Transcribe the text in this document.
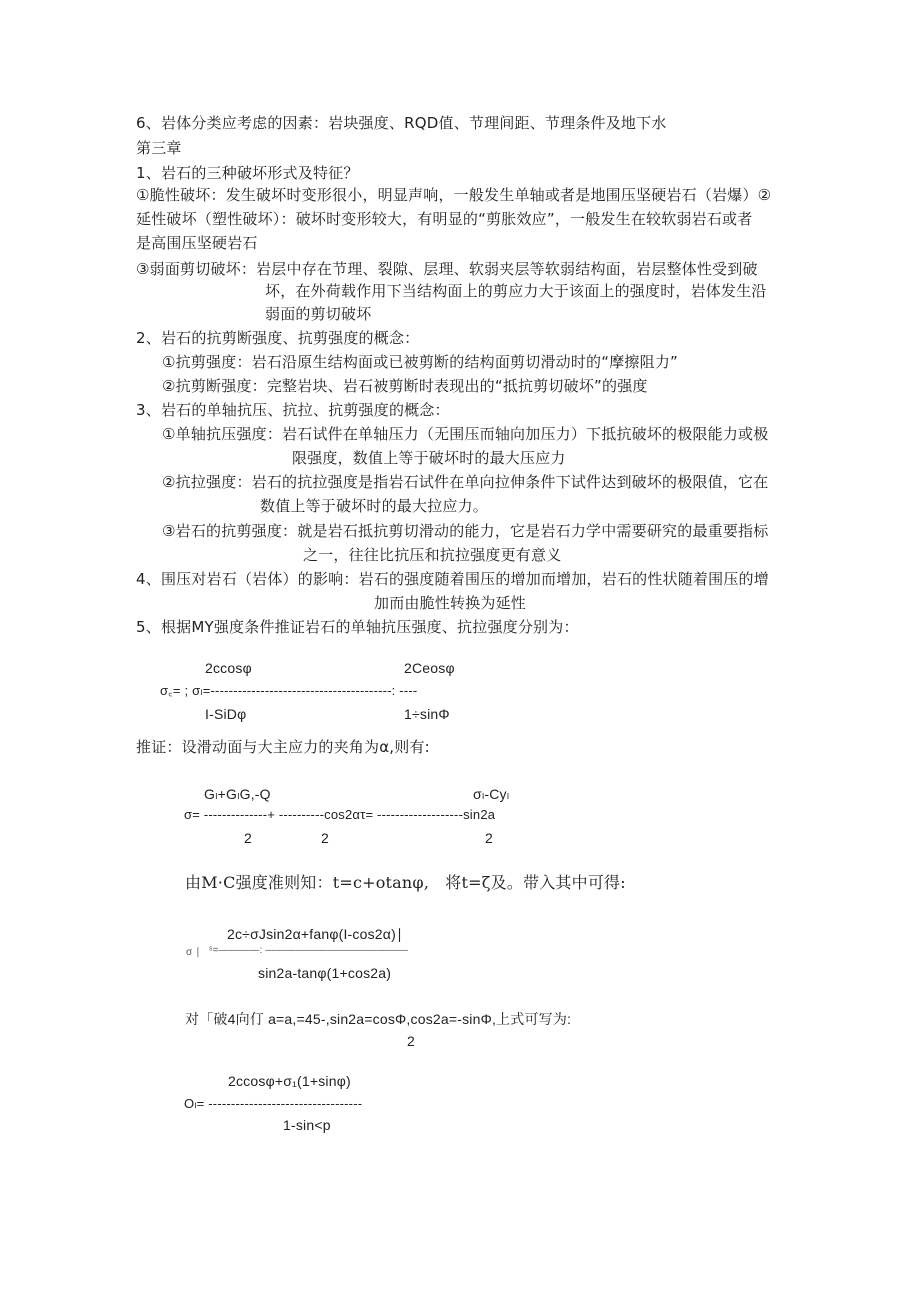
6、岩体分类应考虑的因素：岩块强度、RQD值、节理间距、节理条件及地下水
第三章
1、岩石的三种破坏形式及特征？
①脆性破坏：发生破坏时变形很小，明显声响，一般发生单轴或者是地围压坚硬岩石（岩爆）②
延性破坏（塑性破坏）：破坏时变形较大，有明显的“剪胀效应”，一般发生在较软弱岩石或者
是高围压坚硬岩石
③弱面剪切破坏：岩层中存在节理、裂隙、层理、软弱夹层等软弱结构面，岩层整体性受到破
坏，在外荷载作用下当结构面上的剪应力大于该面上的强度时，岩体发生沿
弱面的剪切破坏
2、岩石的抗剪断强度、抗剪强度的概念：
①抗剪强度：岩石沿原生结构面或已被剪断的结构面剪切滑动时的“摩擦阻力”
②抗剪断强度：完整岩块、岩石被剪断时表现出的“抵抗剪切破坏”的强度
3、岩石的单轴抗压、抗拉、抗剪强度的概念：
①单轴抗压强度：岩石试件在单轴压力（无围压而轴向加压力）下抵抗破坏的极限能力或极
限强度，数值上等于破坏时的最大压应力
②抗拉强度：岩石的抗拉强度是指岩石试件在单向拉伸条件下试件达到破坏的极限值，它在
数值上等于破坏时的最大拉应力。
③岩石的抗剪强度：就是岩石抵抗剪切滑动的能力，它是岩石力学中需要研究的最重要指标
之一，往往比抗压和抗拉强度更有意义
4、围压对岩石（岩体）的影响：岩石的强度随着围压的增加而增加，岩石的性状随着围压的增
加而由脆性转换为延性
5、根据MY强度条件推证岩石的单轴抗压强度、抗拉强度分别为：
2ccosφ	2Ceosφ
σ꜀= ; σₗ=----------------------------------------: ----
I-SiDφ	1÷sinΦ
推证：设滑动面与大主应力的夹角为α,则有:
Gₗ+GₗG,-Q	σₗ-Cyₗ
σ= --------------+ ----------cos2ατ= -------------------sin2a
2	2	2
由M·C强度准则知：t=c+otanφ,　将t=ζ及。带入其中可得:
2c÷σJsin2α+fanφ(I-cos2α)∣
σ ∣ ˢ=————: ——————————————
sin2a-tanφ(1+cos2a)
对「破4向仃 a=a,=45-,sin2a=cosΦ,cos2a=-sinΦ,上式可写为:
2
2ccosφ+σ₁(1+sinφ)
Oₗ= ----------------------------------
1-sin<p
